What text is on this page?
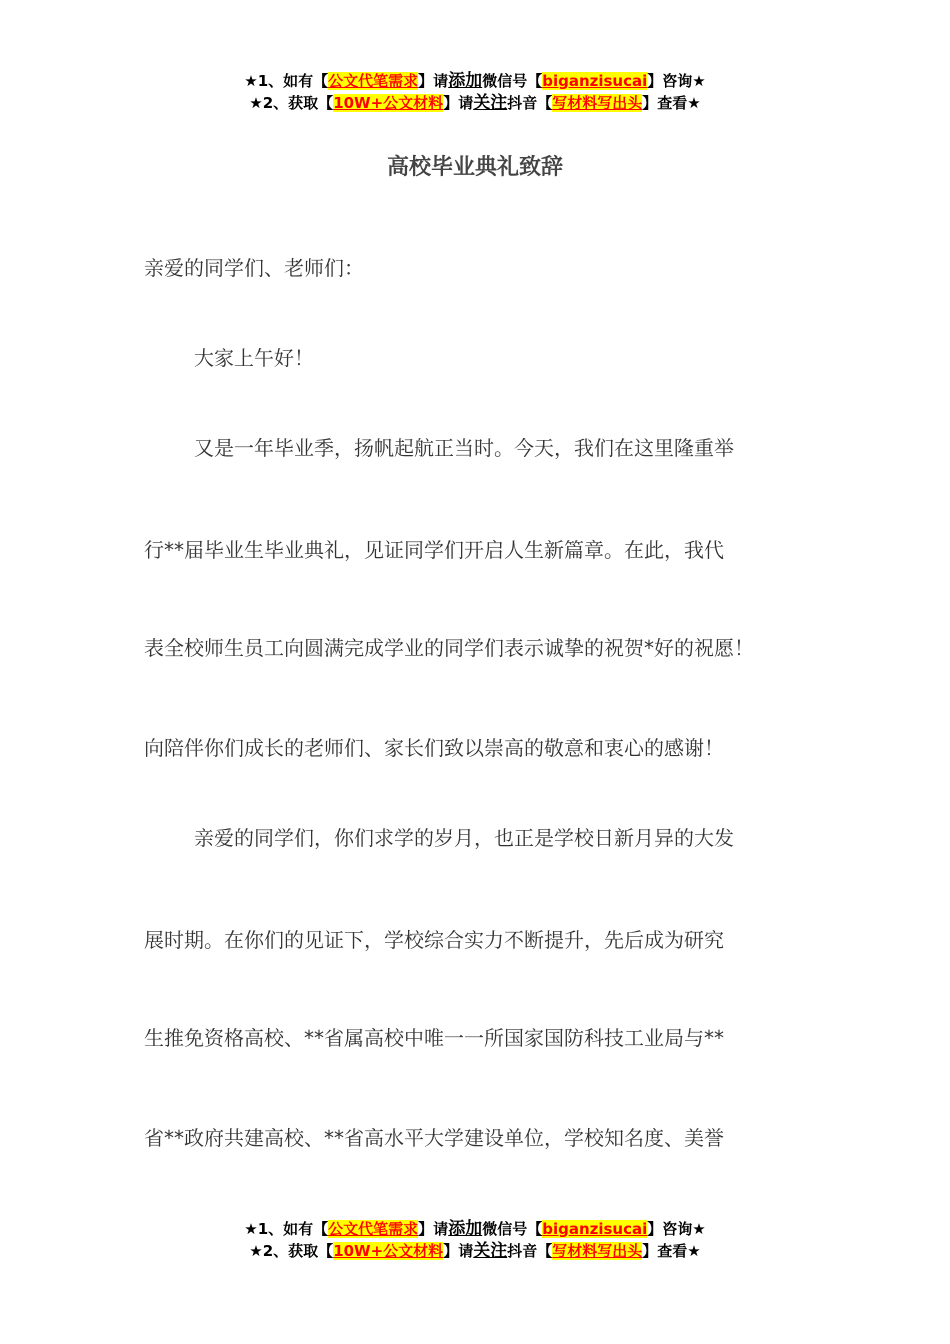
★1、如有【公文代笔需求】请添加微信号【biganzisucai】咨询★
★2、获取【10W+公文材料】请关注抖音【写材料写出头】查看★
高校毕业典礼致辞
亲爱的同学们、老师们：
大家上午好！
又是一年毕业季，扬帆起航正当时。今天，我们在这里隆重举
行**届毕业生毕业典礼，见证同学们开启人生新篇章。在此，我代
表全校师生员工向圆满完成学业的同学们表示诚挚的祝贺*好的祝愿！
向陪伴你们成长的老师们、家长们致以崇高的敬意和衷心的感谢！
亲爱的同学们，你们求学的岁月，也正是学校日新月异的大发
展时期。在你们的见证下，学校综合实力不断提升，先后成为研究
生推免资格高校、**省属高校中唯一一所国家国防科技工业局与**
省**政府共建高校、**省高水平大学建设单位，学校知名度、美誉
★1、如有【公文代笔需求】请添加微信号【biganzisucai】咨询★
★2、获取【10W+公文材料】请关注抖音【写材料写出头】查看★
